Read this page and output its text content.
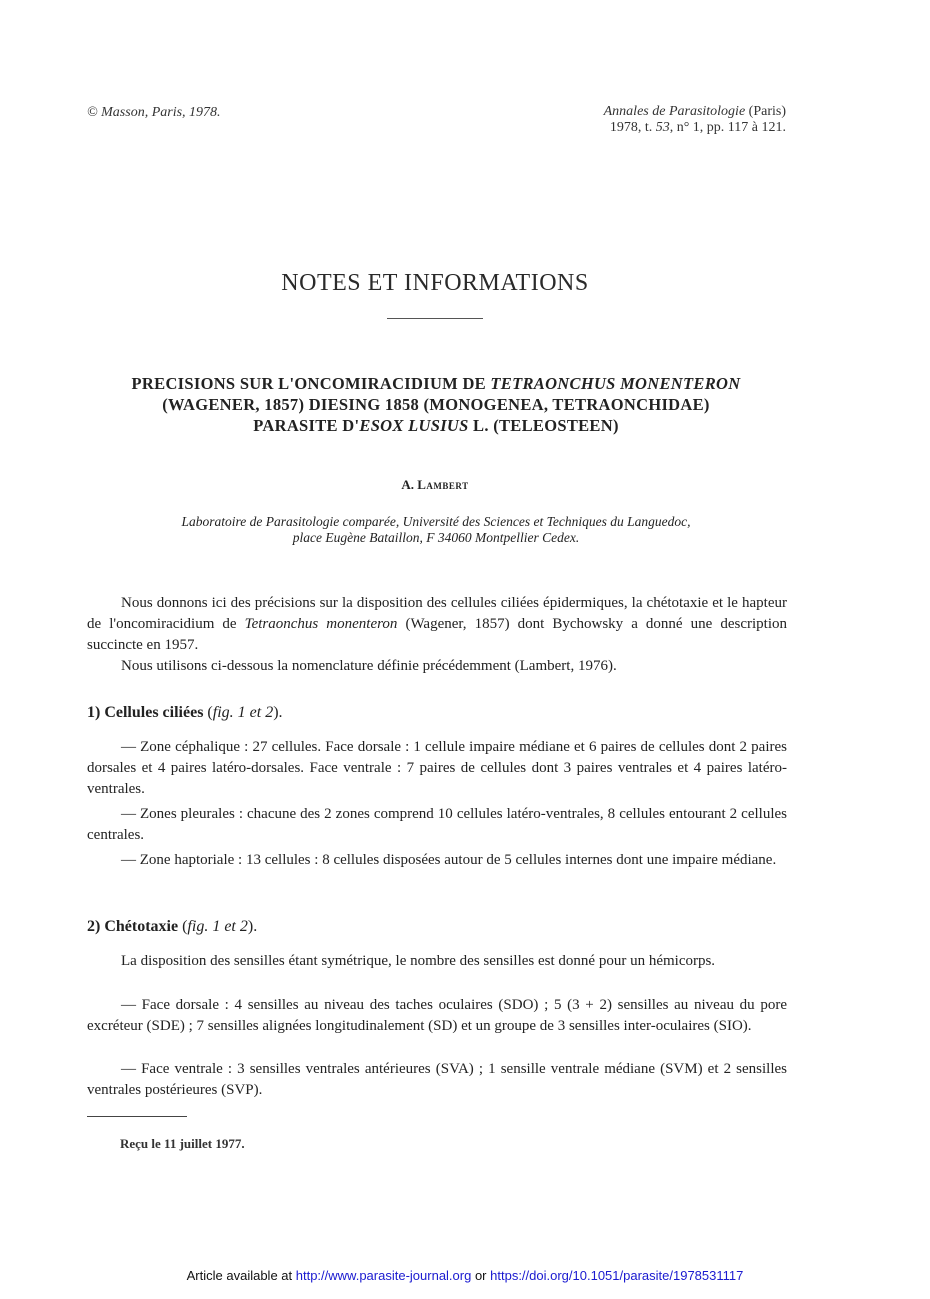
© Masson, Paris, 1978.	Annales de Parasitologie (Paris)
1978, t. 53, n° 1, pp. 117 à 121.
NOTES ET INFORMATIONS
PRECISIONS SUR L'ONCOMIRACIDIUM DE TETRAONCHUS MONENTERON
(WAGENER, 1857) DIESING 1858 (MONOGENEA, TETRAONCHIDAE)
PARASITE D'ESOX LUSIUS L. (TELEOSTEEN)
A. Lambert
Laboratoire de Parasitologie comparée, Université des Sciences et Techniques du Languedoc,
place Eugène Bataillon, F 34060 Montpellier Cedex.
Nous donnons ici des précisions sur la disposition des cellules ciliées épidermiques, la chétotaxie et le hapteur de l'oncomiracidium de Tetraonchus monenteron (Wagener, 1857) dont Bychowsky a donné une description succincte en 1957.
Nous utilisons ci-dessous la nomenclature définie précédemment (Lambert, 1976).
1) Cellules ciliées (fig. 1 et 2).
— Zone céphalique : 27 cellules. Face dorsale : 1 cellule impaire médiane et 6 paires de cellules dont 2 paires dorsales et 4 paires latéro-dorsales. Face ventrale : 7 paires de cellules dont 3 paires ventrales et 4 paires latéro-ventrales.
— Zones pleurales : chacune des 2 zones comprend 10 cellules latéro-ventrales, 8 cellules entourant 2 cellules centrales.
— Zone haptoriale : 13 cellules : 8 cellules disposées autour de 5 cellules internes dont une impaire médiane.
2) Chétotaxie (fig. 1 et 2).
La disposition des sensilles étant symétrique, le nombre des sensilles est donné pour un hémicorps.
— Face dorsale : 4 sensilles au niveau des taches oculaires (SDO) ; 5 (3 + 2) sensilles au niveau du pore excréteur (SDE) ; 7 sensilles alignées longitudinalement (SD) et un groupe de 3 sensilles inter-oculaires (SIO).
— Face ventrale : 3 sensilles ventrales antérieures (SVA) ; 1 sensille ventrale médiane (SVM) et 2 sensilles ventrales postérieures (SVP).
Reçu le 11 juillet 1977.
Article available at http://www.parasite-journal.org or https://doi.org/10.1051/parasite/1978531117
